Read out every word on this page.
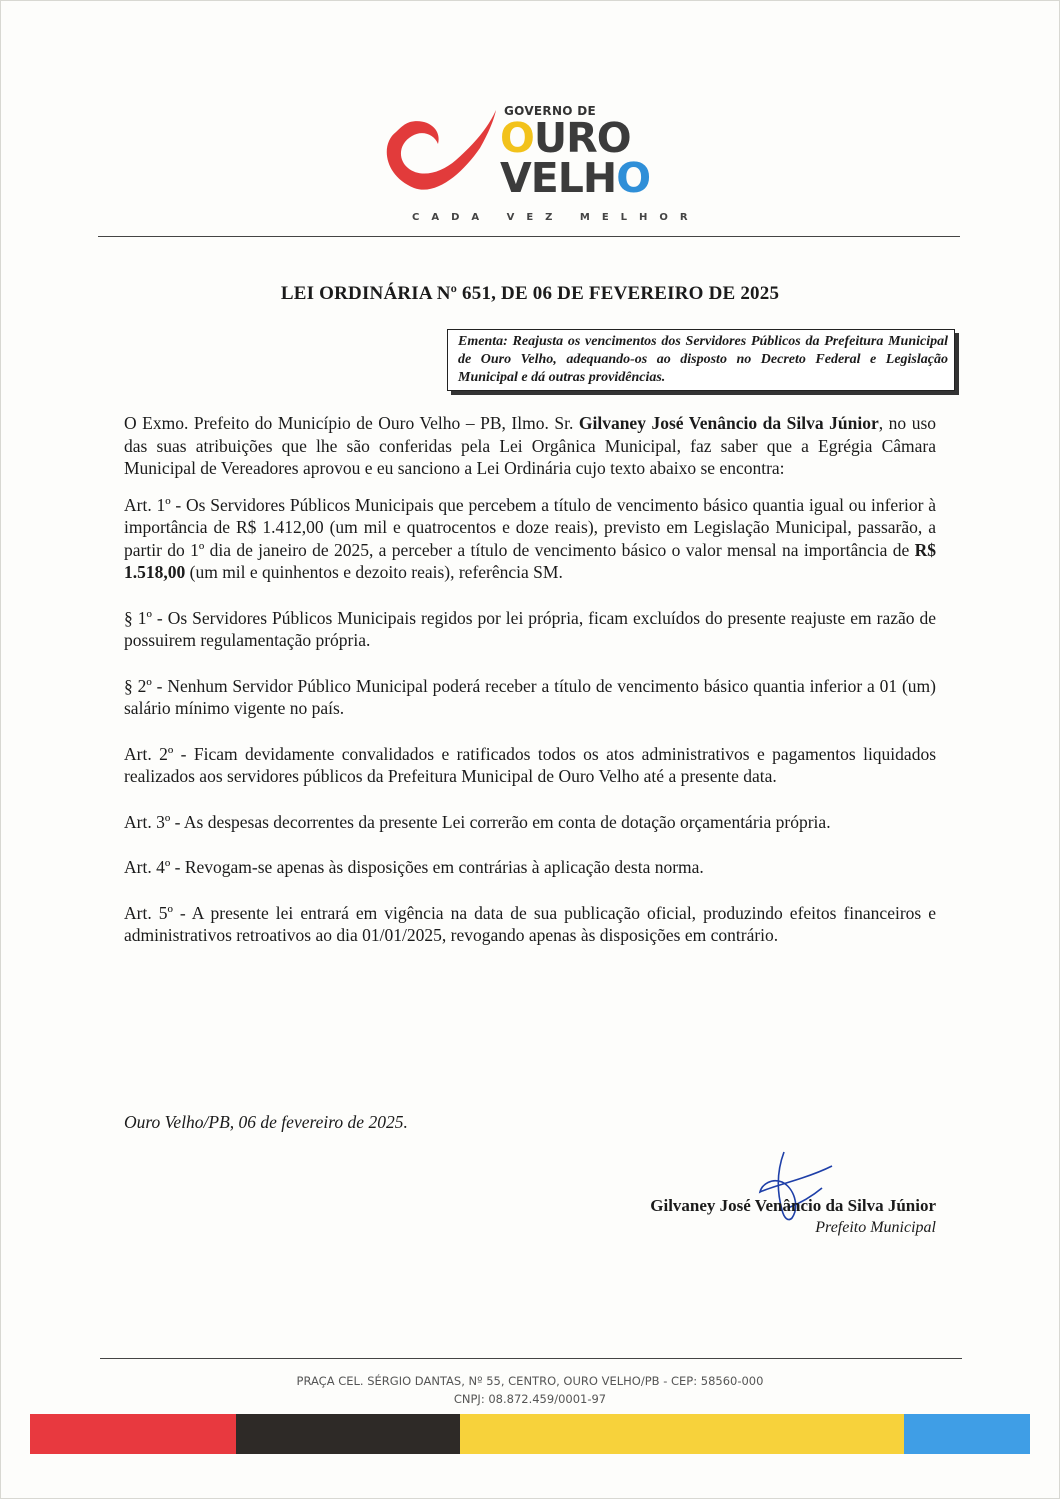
GOVERNO DE
OURO
VELHO
CADA VEZ MELHOR
LEI ORDINÁRIA Nº 651, DE 06 DE FEVEREIRO DE 2025
Ementa: Reajusta os vencimentos dos Servidores Públicos da Prefeitura Municipal de Ouro Velho, adequando-os ao disposto no Decreto Federal e Legislação Municipal e dá outras providências.

O Exmo. Prefeito do Município de Ouro Velho – PB, Ilmo. Sr. Gilvaney José Venâncio da Silva Júnior, no uso das suas atribuições que lhe são conferidas pela Lei Orgânica Municipal, faz saber que a Egrégia Câmara Municipal de Vereadores aprovou e eu sanciono a Lei Ordinária cujo texto abaixo se encontra:

Art. 1º - Os Servidores Públicos Municipais que percebem a título de vencimento básico quantia igual ou inferior à importância de R$ 1.412,00 (um mil e quatrocentos e doze reais), previsto em Legislação Municipal, passarão, a partir do 1º dia de janeiro de 2025, a perceber a título de vencimento básico o valor mensal na importância de R$ 1.518,00 (um mil e quinhentos e dezoito reais), referência SM.

§ 1º - Os Servidores Públicos Municipais regidos por lei própria, ficam excluídos do presente reajuste em razão de possuirem regulamentação própria.

§ 2º - Nenhum Servidor Público Municipal poderá receber a título de vencimento básico quantia inferior a 01 (um) salário mínimo vigente no país.

Art. 2º - Ficam devidamente convalidados e ratificados todos os atos administrativos e pagamentos liquidados realizados aos servidores públicos da Prefeitura Municipal de Ouro Velho até a presente data.

Art. 3º - As despesas decorrentes da presente Lei correrão em conta de dotação orçamentária própria.

Art. 4º - Revogam-se apenas às disposições em contrárias à aplicação desta norma.

Art. 5º - A presente lei entrará em vigência na data de sua publicação oficial, produzindo efeitos financeiros e administrativos retroativos ao dia 01/01/2025, revogando apenas às disposições em contrário.

Ouro Velho/PB, 06 de fevereiro de 2025.
Gilvaney José Venâncio da Silva Júnior
Prefeito Municipal
PRAÇA CEL. SÉRGIO DANTAS, Nº 55, CENTRO, OURO VELHO/PB - CEP: 58560-000
CNPJ: 08.872.459/0001-97
